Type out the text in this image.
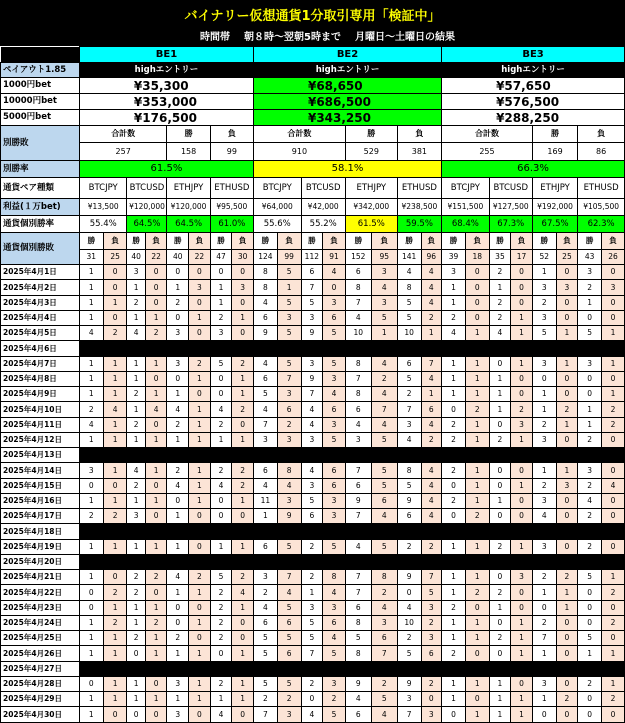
バイナリー仮想通貨1分取引専用「検証中」
時間帯 朝８時～翌朝5時まで 月曜日～土曜日の結果
	BE1								BE2								BE3							
ペイアウト1.85	highエントリー								highエントリー								highエントリー							
1000円bet	¥35,300								¥68,650								¥57,650							
10000円bet	¥353,000								¥686,500								¥576,500							
5000円bet	¥176,500								¥343,250								¥288,250							
別勝敗	合計数				勝		負		合計数				勝		負		合計数				勝		負	
	257				158		99		910				529		381		255				169		86	
別勝率	61.5%								58.1%								66.3%							
通貨ペア種類	BTCJPY		BTCUSD		ETHJPY		ETHUSD		BTCJPY		BTCUSD		ETHJPY		ETHUSD		BTCJPY		BTCUSD		ETHJPY		ETHUSD	
利益(１万bet)	¥13,500		¥120,000		¥120,000		¥95,500		¥64,000		¥42,000		¥342,000		¥238,500		¥151,500		¥127,500		¥192,000		¥105,500	
通貨個別勝率	55.4%		64.5%		64.5%		61.0%		55.6%		55.2%		61.5%		59.5%		68.4%		67.3%		67.5%		62.3%	
通貨個別勝敗	勝	負	勝	負	勝	負	勝	負	勝	負	勝	負	勝	負	勝	負	勝	負	勝	負	勝	負	勝	負
	31	25	40	22	40	22	47	30	124	99	112	91	152	95	141	96	39	18	35	17	52	25	43	26
2025年4月1日	1	0	3	0	0	0	0	0	8	5	6	4	6	3	4	4	3	0	2	0	1	0	3	0
2025年4月2日	1	0	1	0	1	3	1	3	8	1	7	0	8	4	8	4	1	0	1	0	3	3	2	3
2025年4月3日	1	1	2	0	2	0	1	0	4	5	5	3	7	3	5	4	1	0	2	0	2	0	1	0
2025年4月4日	1	0	1	1	0	1	2	1	6	3	3	6	4	5	5	2	2	0	2	1	3	0	0	0
2025年4月5日	4	2	4	2	3	0	3	0	9	5	9	5	10	1	10	1	4	1	4	1	5	1	5	1
2025年4月6日																								
2025年4月7日	1	1	1	1	3	2	5	2	4	5	3	5	8	4	6	7	1	1	0	1	3	1	3	1
2025年4月8日	1	1	1	0	0	1	0	1	6	7	9	3	7	2	5	4	1	1	1	0	0	0	0	0
2025年4月9日	1	1	2	1	1	0	0	1	5	3	7	4	8	4	2	1	1	1	1	0	1	0	0	1
2025年4月10日	2	4	1	4	4	1	4	2	4	6	4	6	6	7	7	6	0	2	1	2	1	2	1	2
2025年4月11日	4	1	2	0	2	1	2	0	7	2	4	3	4	4	3	4	2	1	0	3	2	1	1	2
2025年4月12日	1	1	1	1	1	1	1	1	3	3	3	5	3	5	4	2	2	1	2	1	3	0	2	0
2025年4月13日																								
2025年4月14日	3	1	4	1	2	1	2	2	6	8	4	6	7	5	8	4	2	1	0	0	1	1	3	0
2025年4月15日	0	0	2	0	4	1	4	2	4	4	3	6	6	5	5	4	0	1	0	1	2	3	2	4
2025年4月16日	1	1	1	1	0	1	0	1	11	3	5	3	9	6	9	4	2	1	1	0	3	0	4	0
2025年4月17日	2	2	3	0	1	0	0	0	1	9	6	3	7	4	6	4	0	2	0	0	4	0	2	0
2025年4月18日																								
2025年4月19日	1	1	1	1	1	0	1	1	6	5	2	5	4	5	2	2	1	1	2	1	3	0	2	0
2025年4月20日																								
2025年4月21日	1	0	2	2	4	2	5	2	3	7	2	8	7	8	9	7	1	1	0	3	2	2	5	1
2025年4月22日	0	2	2	0	1	1	2	4	2	4	1	4	7	2	0	5	1	2	2	0	1	1	0	2
2025年4月23日	0	1	1	1	0	0	2	1	4	5	3	3	6	4	4	3	2	0	1	0	0	1	0	0
2025年4月24日	1	2	1	2	0	1	2	0	6	6	5	6	8	3	10	2	1	1	0	1	2	0	0	2
2025年4月25日	1	1	2	1	2	0	2	0	5	5	5	4	5	6	2	3	1	1	2	1	7	0	5	0
2025年4月26日	1	1	0	1	1	1	0	1	5	6	7	5	8	7	5	6	2	0	0	1	1	0	1	1
2025年4月27日																								
2025年4月28日	0	1	1	0	3	1	2	1	5	5	2	3	9	2	9	2	1	1	1	0	3	0	2	1
2025年4月29日	1	1	1	1	1	1	1	1	2	2	0	2	4	5	3	0	1	0	1	1	1	2	0	2
2025年4月30日	1	0	0	0	3	0	4	0	7	3	4	5	6	4	7	3	0	1	1	1	0	0	0	0
